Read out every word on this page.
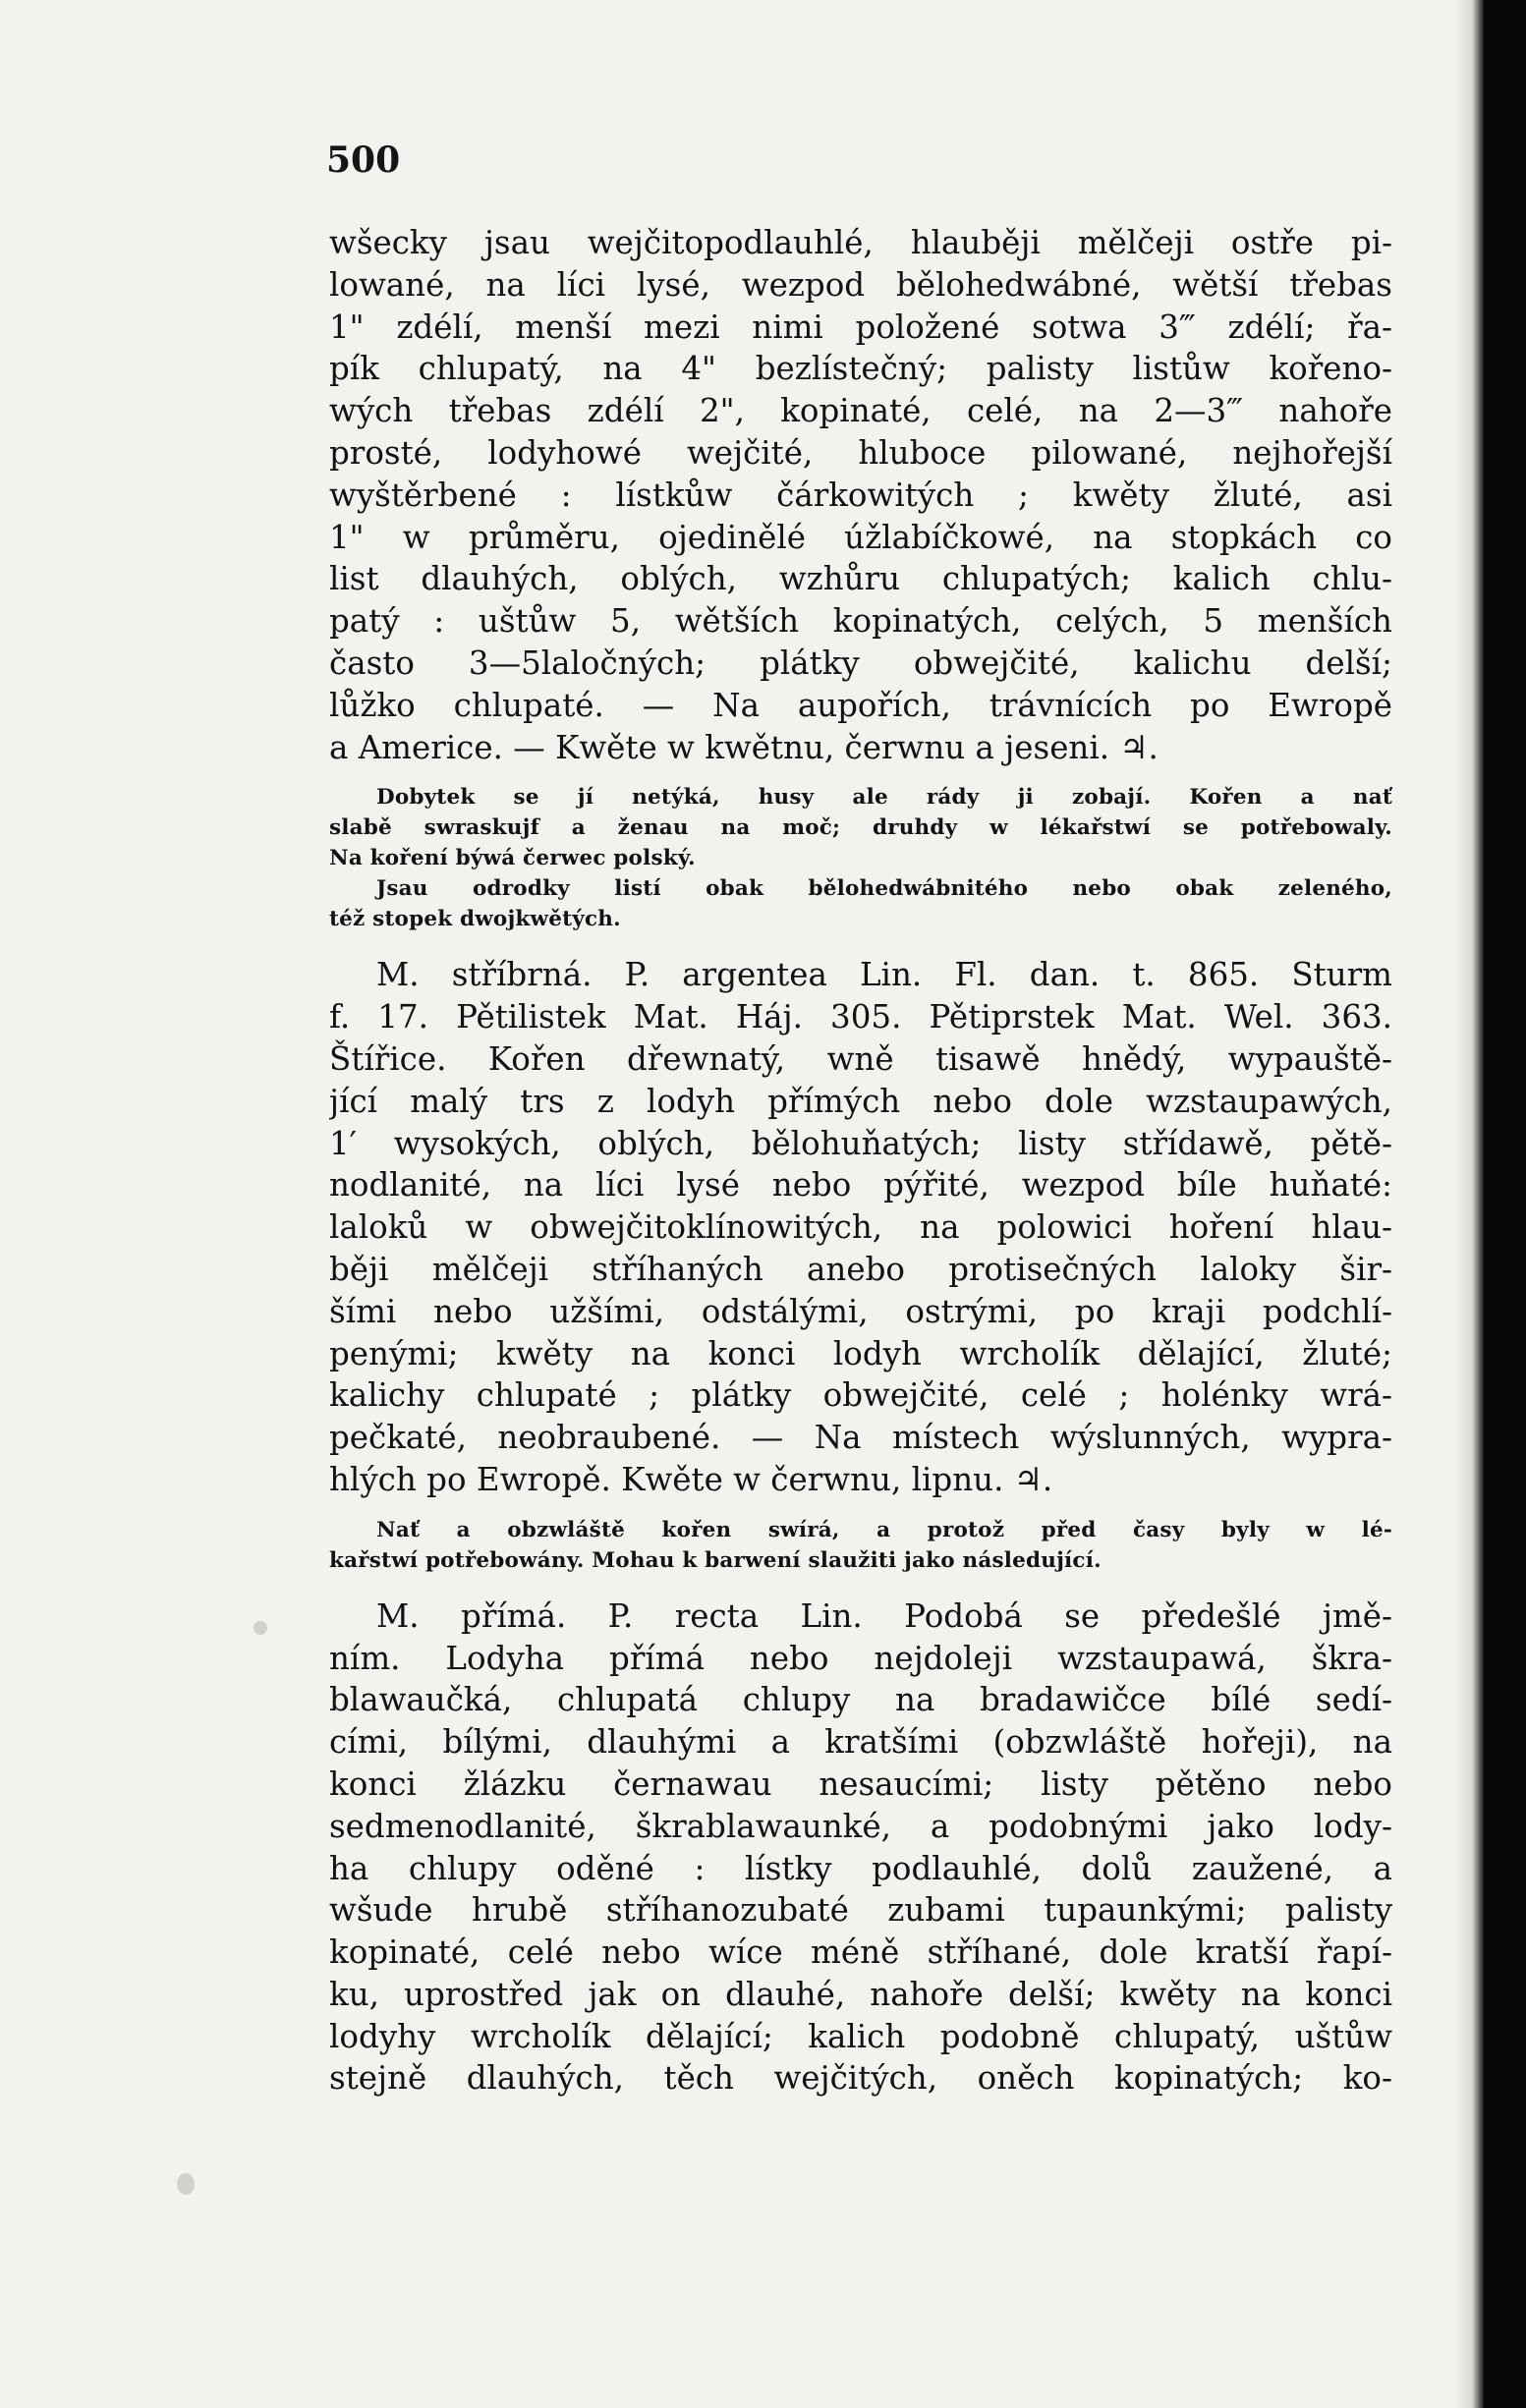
500
wšecky jsau wejčitopodlauhlé, hlauběji mělčeji ostře pi-
lowané, na líci lysé, wezpod bělohedwábné, wětší třebas
1" zdélí, menší mezi nimi položené sotwa 3‴ zdélí; řa-
pík chlupatý, na 4" bezlístečný; palisty listůw kořeno-
wých třebas zdélí 2", kopinaté, celé, na 2—3‴ nahoře
prosté, lodyhowé wejčité, hluboce pilowané, nejhořejší
wyštěrbené : lístkůw čárkowitých ; kwěty žluté, asi
1" w průměru, ojedinělé úžlabíčkowé, na stopkách co
list dlauhých, oblých, wzhůru chlupatých; kalich chlu-
patý : uštůw 5, wětších kopinatých, celých, 5 menších
často 3—5laločných; plátky obwejčité, kalichu delší;
lůžko chlupaté. — Na aupořích, trávnících po Ewropě
a Americe. — Kwěte w kwětnu, čerwnu a jeseni. ♃.
Dobytek se jí netýká, husy ale rády ji zobají. Kořen a nať
slabě swraskujf a ženau na moč; druhdy w lékařstwí se potřebowaly.
Na koření býwá čerwec polský.
Jsau odrodky listí obak bělohedwábnitého nebo obak zeleného,
též stopek dwojkwětých.
M. stříbrná. P. argentea Lin. Fl. dan. t. 865. Sturm
f. 17. Pětilistek Mat. Háj. 305. Pětiprstek Mat. Wel. 363.
Štířice. Kořen dřewnatý, wně tisawě hnědý, wypauště-
jící malý trs z lodyh přímých nebo dole wzstaupawých,
1′ wysokých, oblých, bělohuňatých; listy střídawě, pětě-
nodlanité, na líci lysé nebo pýřité, wezpod bíle huňaté:
laloků w obwejčitoklínowitých, na polowici hoření hlau-
běji mělčeji stříhaných anebo protisečných laloky šir-
šími nebo užšími, odstálými, ostrými, po kraji podchlí-
penými; kwěty na konci lodyh wrcholík dělající, žluté;
kalichy chlupaté ; plátky obwejčité, celé ; holénky wrá-
pečkaté, neobraubené. — Na místech wýslunných, wypra-
hlých po Ewropě. Kwěte w čerwnu, lipnu. ♃.
Nať a obzwláště kořen swírá, a protož před časy byly w lé-
kařstwí potřebowány. Mohau k barwení slaužiti jako následující.
M. přímá. P. recta Lin. Podobá se předešlé jmě-
ním. Lodyha přímá nebo nejdoleji wzstaupawá, škra-
blawaučká, chlupatá chlupy na bradawičce bílé sedí-
cími, bílými, dlauhými a kratšími (obzwláště hořeji), na
konci žlázku černawau nesaucími; listy pětěno nebo
sedmenodlanité, škrablawaunké, a podobnými jako lody-
ha chlupy oděné : lístky podlauhlé, dolů zaužené, a
wšude hrubě stříhanozubaté zubami tupaunkými; palisty
kopinaté, celé nebo wíce méně stříhané, dole kratší řapí-
ku, uprostřed jak on dlauhé, nahoře delší; kwěty na konci
lodyhy wrcholík dělající; kalich podobně chlupatý, uštůw
stejně dlauhých, těch wejčitých, oněch kopinatých; ko-
